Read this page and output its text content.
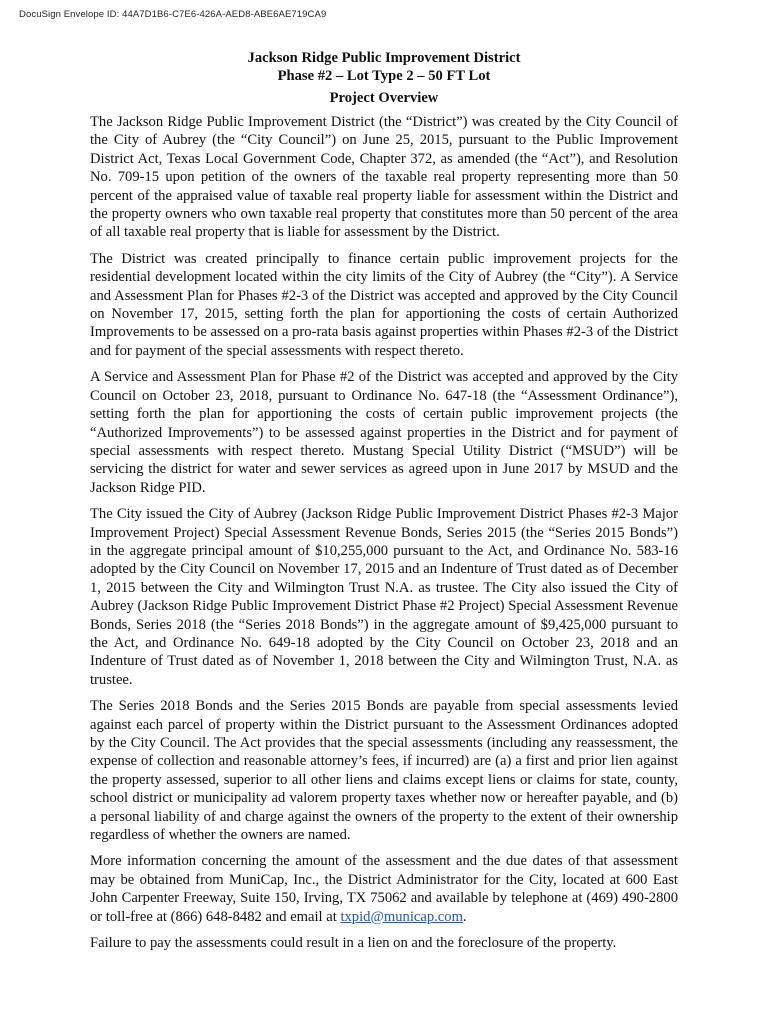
DocuSign Envelope ID: 44A7D1B6-C7E6-426A-AED8-ABE6AE719CA9
Jackson Ridge Public Improvement District
Phase #2 – Lot Type 2 – 50 FT Lot
Project Overview

The Jackson Ridge Public Improvement District (the “District”) was created by the City Council of the City of Aubrey (the “City Council”) on June 25, 2015, pursuant to the Public Improvement District Act, Texas Local Government Code, Chapter 372, as amended (the “Act”), and Resolution No. 709-15 upon petition of the owners of the taxable real property representing more than 50 percent of the appraised value of taxable real property liable for assessment within the District and the property owners who own taxable real property that constitutes more than 50 percent of the area of all taxable real property that is liable for assessment by the District.

The District was created principally to finance certain public improvement projects for the residential development located within the city limits of the City of Aubrey (the “City”). A Service and Assessment Plan for Phases #2-3 of the District was accepted and approved by the City Council on November 17, 2015, setting forth the plan for apportioning the costs of certain Authorized Improvements to be assessed on a pro-rata basis against properties within Phases #2-3 of the District and for payment of the special assessments with respect thereto.

A Service and Assessment Plan for Phase #2 of the District was accepted and approved by the City Council on October 23, 2018, pursuant to Ordinance No. 647-18 (the “Assessment Ordinance”), setting forth the plan for apportioning the costs of certain public improvement projects (the “Authorized Improvements”) to be assessed against properties in the District and for payment of special assessments with respect thereto. Mustang Special Utility District (“MSUD”) will be servicing the district for water and sewer services as agreed upon in June 2017 by MSUD and the Jackson Ridge PID.

The City issued the City of Aubrey (Jackson Ridge Public Improvement District Phases #2-3 Major Improvement Project) Special Assessment Revenue Bonds, Series 2015 (the “Series 2015 Bonds”) in the aggregate principal amount of $10,255,000 pursuant to the Act, and Ordinance No. 583-16 adopted by the City Council on November 17, 2015 and an Indenture of Trust dated as of December 1, 2015 between the City and Wilmington Trust N.A. as trustee. The City also issued the City of Aubrey (Jackson Ridge Public Improvement District Phase #2 Project) Special Assessment Revenue Bonds, Series 2018 (the “Series 2018 Bonds”) in the aggregate amount of $9,425,000 pursuant to the Act, and Ordinance No. 649-18 adopted by the City Council on October 23, 2018 and an Indenture of Trust dated as of November 1, 2018 between the City and Wilmington Trust, N.A. as trustee.

The Series 2018 Bonds and the Series 2015 Bonds are payable from special assessments levied against each parcel of property within the District pursuant to the Assessment Ordinances adopted by the City Council. The Act provides that the special assessments (including any reassessment, the expense of collection and reasonable attorney’s fees, if incurred) are (a) a first and prior lien against the property assessed, superior to all other liens and claims except liens or claims for state, county, school district or municipality ad valorem property taxes whether now or hereafter payable, and (b) a personal liability of and charge against the owners of the property to the extent of their ownership regardless of whether the owners are named.

More information concerning the amount of the assessment and the due dates of that assessment may be obtained from MuniCap, Inc., the District Administrator for the City, located at 600 East John Carpenter Freeway, Suite 150, Irving, TX 75062 and available by telephone at (469) 490-2800 or toll-free at (866) 648-8482 and email at txpid@municap.com.

Failure to pay the assessments could result in a lien on and the foreclosure of the property.
